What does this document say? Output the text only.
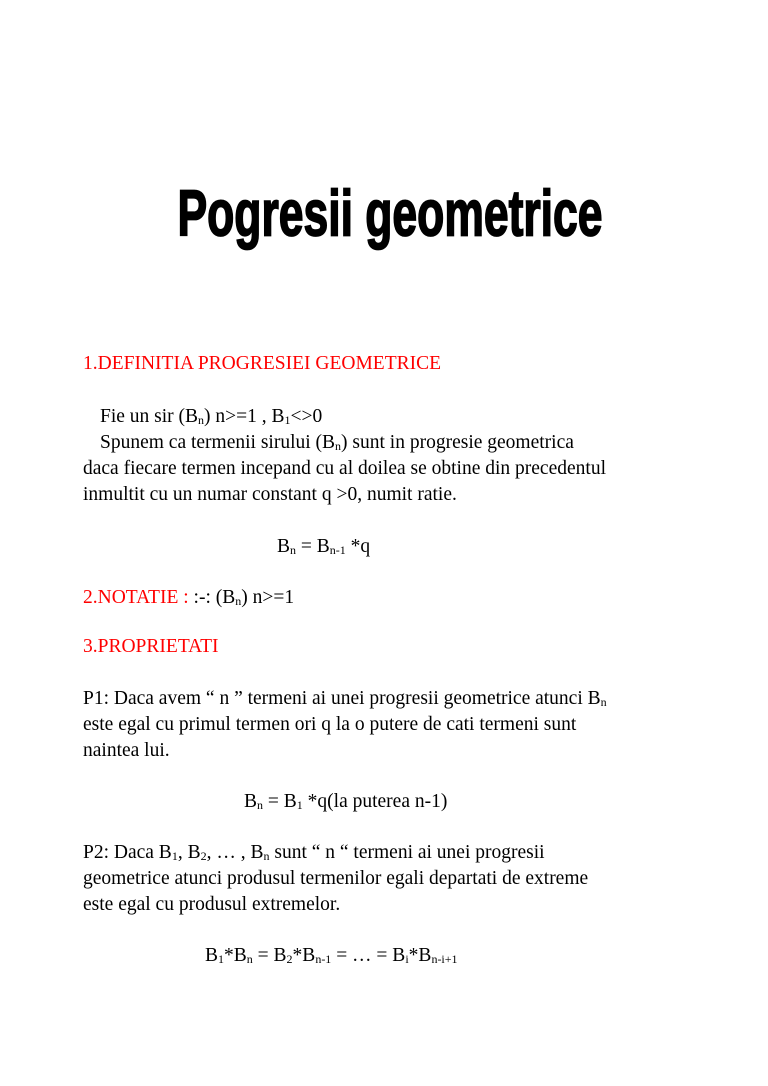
Pogresii geometrice
1.DEFINITIA PROGRESIEI GEOMETRICE
Fie un sir $(B_n)$ n>=1 , $B_1<>0$
Spunem ca termenii sirului $(B_n)$ sunt in progresie geometrica
daca fiecare termen incepand cu al doilea se obtine din precedentul
inmultit cu un numar constant q >0, numit ratie.
$B_n = B_{n-1}$ *q
2.NOTATIE : :-: $(B_n)$ n>=1
3.PROPRIETATI
P1: Daca avem “ n ” termeni ai unei progresii geometrice atunci $B_n$
este egal cu primul termen ori q la o putere de cati termeni sunt
naintea lui.
$B_n = B_1$ *q(la puterea n-1)
P2: Daca $B_1$, $B_2$, … , $B_n$ sunt “ n “ termeni ai unei progresii
geometrice atunci produsul termenilor egali departati de extreme
este egal cu produsul extremelor.
$B_1*B_n = B_2*B_{n-1}$ = … = $B_i*B_{n-i+1}$
